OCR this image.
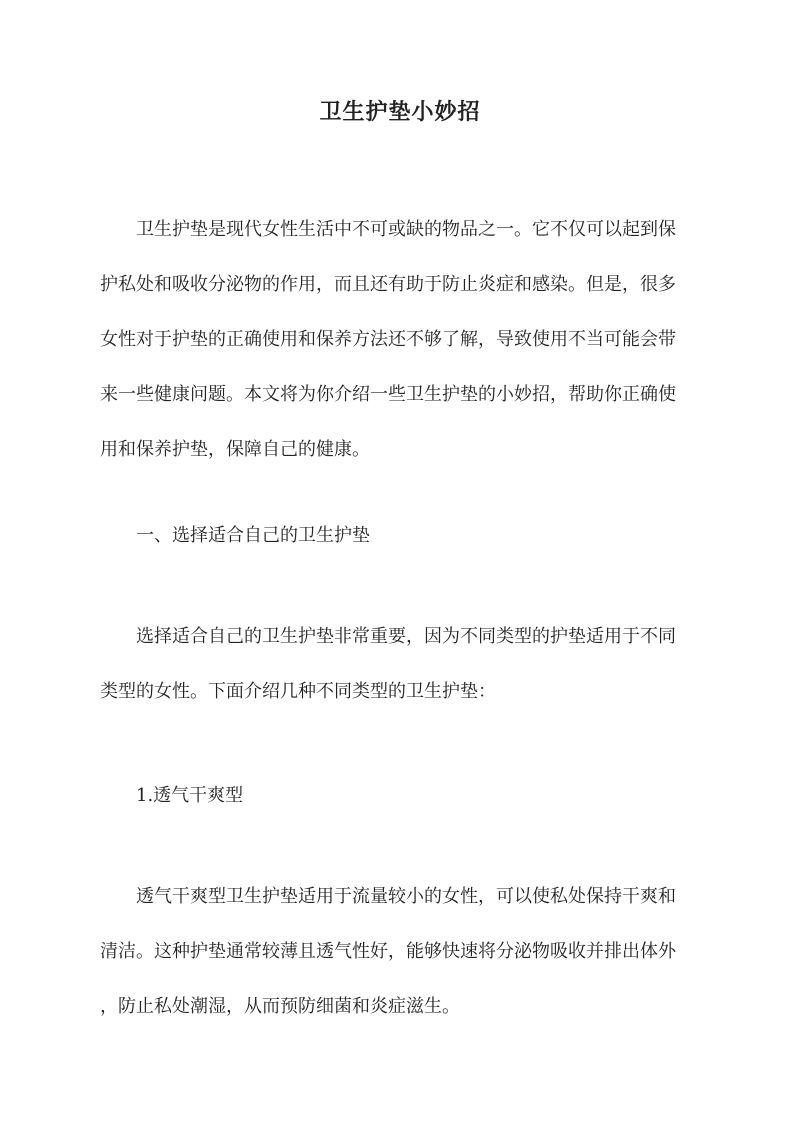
卫生护垫小妙招
卫生护垫是现代女性生活中不可或缺的物品之一。它不仅可以起到保
护私处和吸收分泌物的作用，而且还有助于防止炎症和感染。但是，很多
女性对于护垫的正确使用和保养方法还不够了解，导致使用不当可能会带
来一些健康问题。本文将为你介绍一些卫生护垫的小妙招，帮助你正确使
用和保养护垫，保障自己的健康。
一、选择适合自己的卫生护垫
选择适合自己的卫生护垫非常重要，因为不同类型的护垫适用于不同
类型的女性。下面介绍几种不同类型的卫生护垫：
1.透气干爽型
透气干爽型卫生护垫适用于流量较小的女性，可以使私处保持干爽和
清洁。这种护垫通常较薄且透气性好，能够快速将分泌物吸收并排出体外
，防止私处潮湿，从而预防细菌和炎症滋生。
